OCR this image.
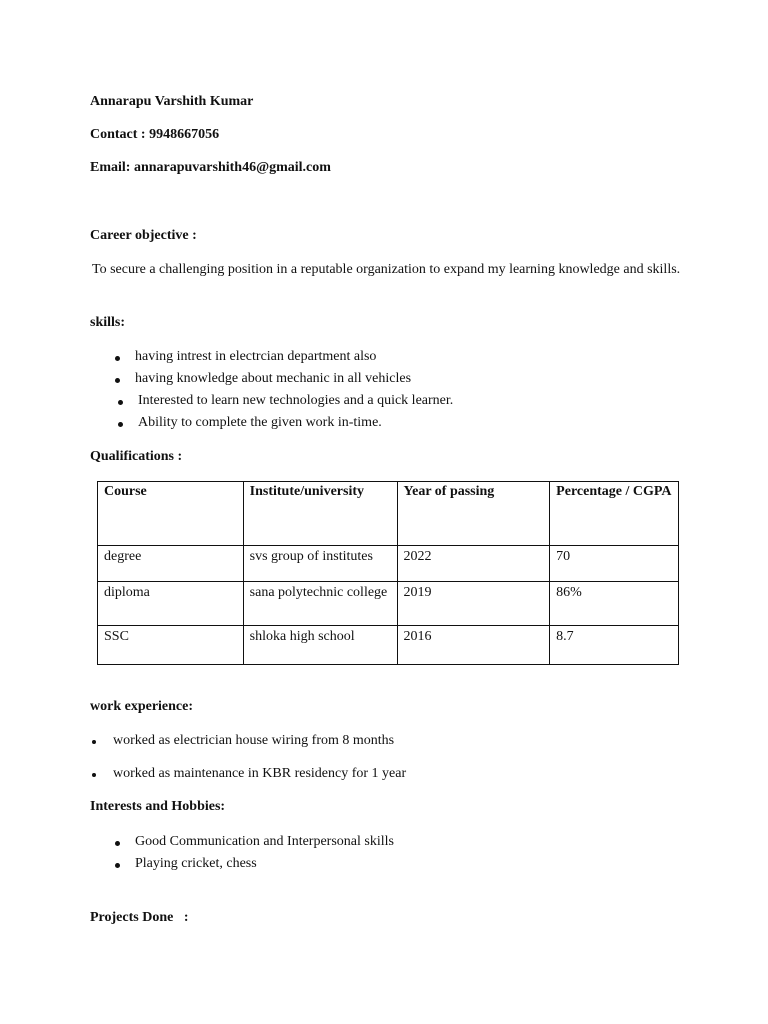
Annarapu Varshith Kumar
Contact : 9948667056
Email: annarapuvarshith46@gmail.com
Career objective :
To secure a challenging position in a reputable organization to expand my learning knowledge and skills.
skills:
having intrest in electrcian department also
having knowledge about mechanic in all vehicles
Interested to learn new technologies and a quick learner.
Ability to complete the given work in-time.
Qualifications :
Course	Institute/university	Year of passing	Percentage / CGPA
degree	svs group of institutes	2022	70
diploma	sana polytechnic college	2019	86%
SSC	shloka high school	2016	8.7
work experience:
worked as electrician house wiring from 8 months
worked as maintenance in KBR residency for 1 year
Interests and Hobbies:
Good Communication and Interpersonal skills
Playing cricket, chess
Projects Done   :
